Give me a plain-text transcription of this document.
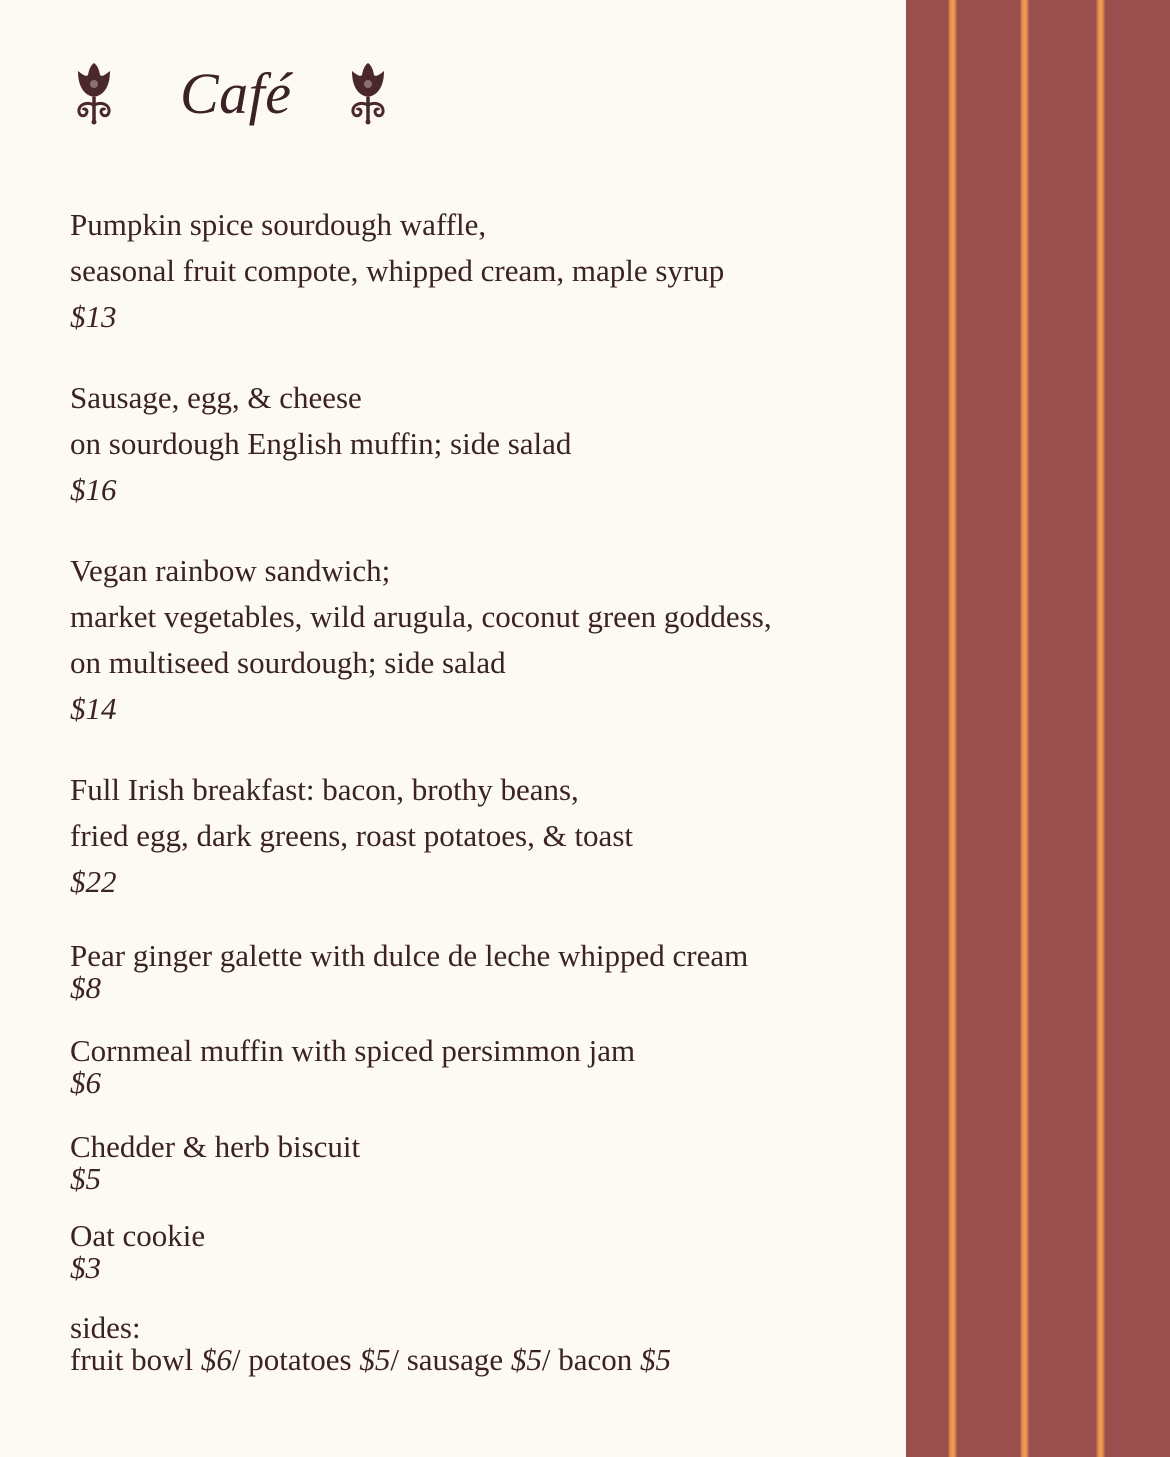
Café
Pumpkin spice sourdough waffle,
seasonal fruit compote, whipped cream, maple syrup
$13
Sausage, egg, & cheese
on sourdough English muffin; side salad
$16
Vegan rainbow sandwich;
market vegetables, wild arugula, coconut green goddess,
on multiseed sourdough; side salad
$14
Full Irish breakfast: bacon, brothy beans,
fried egg, dark greens, roast potatoes, & toast
$22
Pear ginger galette with dulce de leche whipped cream
$8
Cornmeal muffin with spiced persimmon jam
$6
Chedder & herb biscuit
$5
Oat cookie
$3
sides:
fruit bowl $6/ potatoes $5/ sausage $5/ bacon $5
